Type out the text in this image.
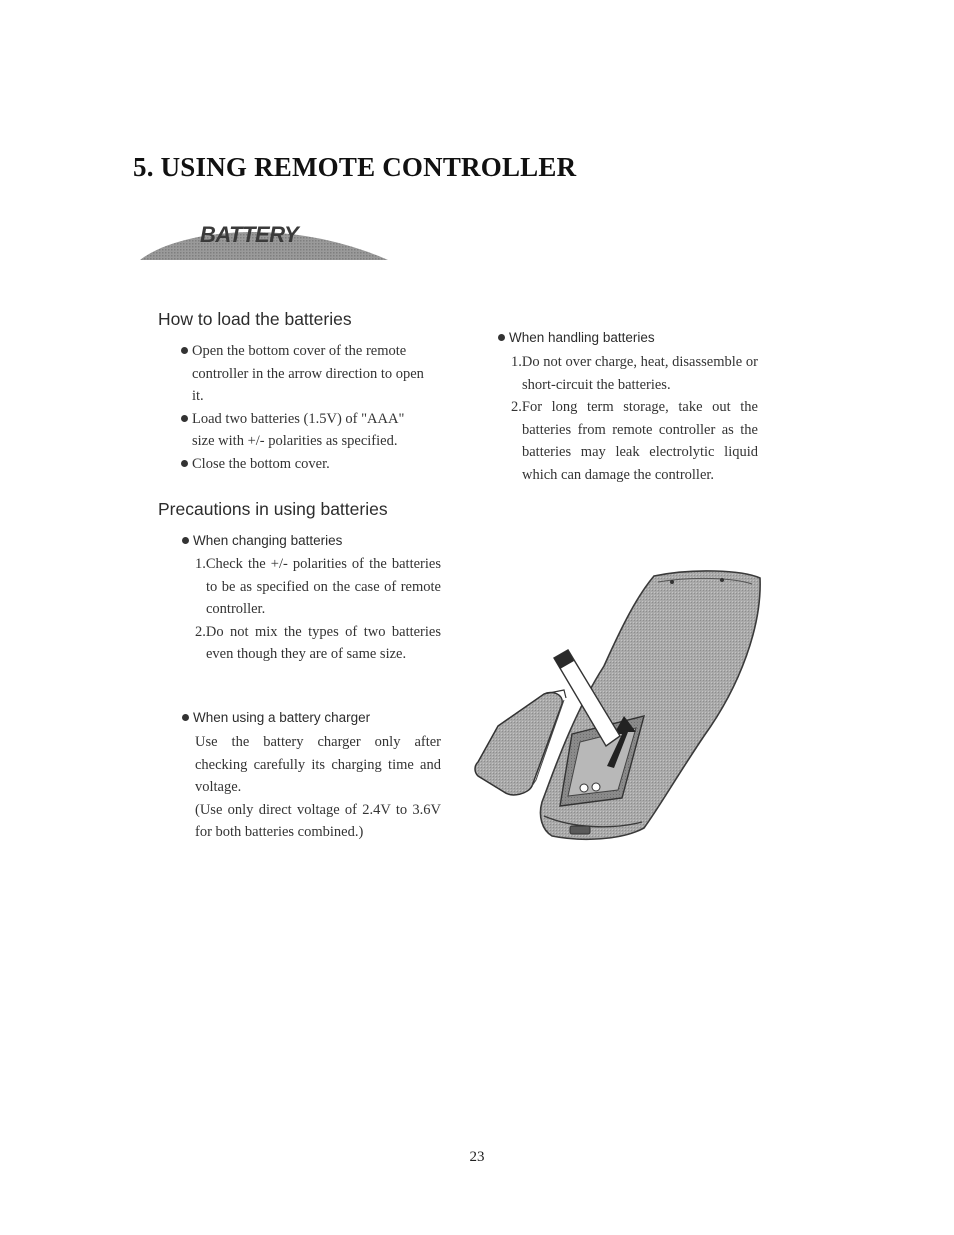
5. USING REMOTE CONTROLLER
BATTERY
How to load the batteries

Open the bottom cover of the remote controller in the arrow direction to open it.

Load two batteries (1.5V) of "AAA" size with +/- polarities as specified.

Close the bottom cover.

Precautions in using batteries
When changing batteries

1.Check the +/- polarities of the batteries to be as specified on the case of remote controller.

2.Do not mix the types of two batteries even though they are of same size.

When using a battery charger

Use the battery charger only after checking carefully its charging time and voltage.

(Use only direct voltage of 2.4V to 3.6V for both batteries combined.)

When handling batteries

1.Do not over charge, heat, disassemble or short-circuit the batteries.

2.For long term storage, take out the batteries from remote controller as the batteries may leak electrolytic liquid which can damage the controller.

23
